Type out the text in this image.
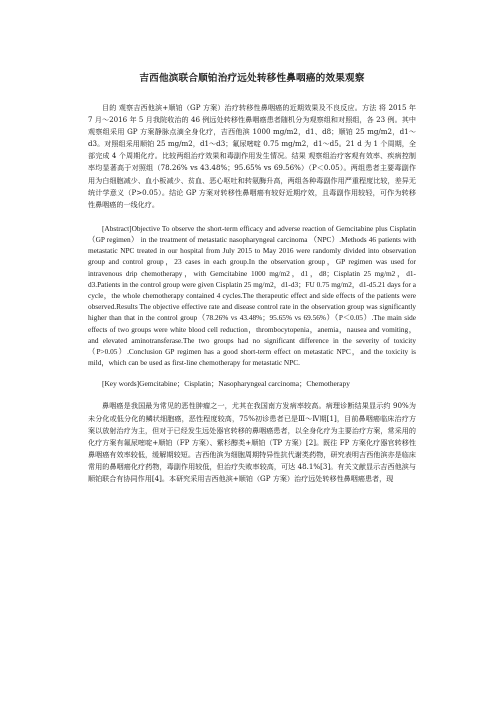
吉西他滨联合顺铂治疗远处转移性鼻咽癌的效果观察

目的 观察吉西他滨+顺铂（GP 方案）治疗转移性鼻咽癌的近期效果及不良反应。方法 将 2015 年 7 月～2016 年 5 月我院收治的 46 例远处转移性鼻咽癌患者随机分为观察组和对照组，各 23 例。其中观察组采用 GP 方案静脉点滴全身化疗，吉西他滨 1000 mg/m2，d1、d8；顺铂 25 mg/m2，d1～d3。对照组采用顺铂 25 mg/m2，d1～d3；氟尿嘧啶 0.75 mg/m2，d1～d5。21 d 为 1 个周期，全部完成 4 个周期化疗。比较两组治疗效果和毒副作用发生情况。结果 观察组治疗客观有效率、疾病控制率均显著高于对照组（78.26% vs 43.48%；95.65% vs 69.56%）（P＜0.05）。两组患者主要毒副作用为白细胞减少、血小板减少、贫血、恶心呕吐和转氨酶升高，两组各种毒副作用严重程度比较，差异无统计学意义（P>0.05）。结论 GP 方案对转移性鼻咽癌有较好近期疗效，且毒副作用较轻，可作为转移性鼻咽癌的一线化疗。

[Abstract]Objective To observe the short-term efficacy and adverse reaction of Gemcitabine plus Cisplatin（GP regimen） in the treatment of metastatic nasopharyngeal carcinoma （NPC）.Methods 46 patients with metastatic NPC treated in our hospital from July 2015 to May 2016 were randomly divided into observation group and control group，23 cases in each group.In the observation group，GP regimen was used for intravenous drip chemotherapy，with Gemcitabine 1000 mg/m2，d1，d8；Cisplatin 25 mg/m2，d1-d3.Patients in the control group were given Cisplatin 25 mg/m2，d1-d3；FU 0.75 mg/m2，d1-d5.21 days for a cycle，the whole chemotherapy contained 4 cycles.The therapeutic effect and side effects of the patients were observed.Results The objective effective rate and disease control rate in the observation group was significantly higher than that in the control group（78.26% vs 43.48%；95.65% vs 69.56%）（P＜0.05）.The main side effects of two groups were white blood cell reduction，thrombocytopenia，anemia，nausea and vomiting，and elevated aminotransferase.The two groups had no significant difference in the severity of toxicity （P>0.05）.Conclusion GP regimen has a good short-term effect on metastatic NPC，and the toxicity is mild，which can be used as first-line chemotherapy for metastatic NPC.

[Key words]Gemcitabine；Cisplatin；Nasopharyngeal carcinoma；Chemotherapy

鼻咽癌是我国最为常见的恶性肿瘤之一，尤其在我国南方发病率较高。病理诊断结果显示约 90%为未分化或低分化的鳞状细胞癌，恶性程度较高，75%初诊患者已是Ⅲ～Ⅳ期[1]，目前鼻咽癌临床治疗方案以放射治疗为主，但对于已经发生远处器官转移的鼻咽癌患者，以全身化疗为主要治疗方案，常采用的化疗方案有氟尿嘧啶+顺铂（FP 方案）、紫杉醇类+顺铂（TP 方案）[2]。既往 FP 方案化疗器官转移性鼻咽癌有效率较低，缓解期较短。吉西他滨为细胞周期特异性抗代谢类药物，研究表明吉西他滨亦是临床常用的鼻咽癌化疗药物，毒副作用较低，但治疗失败率较高，可达 48.1%[3]。有关文献显示吉西他滨与顺铂联合有协同作用[4]。本研究采用吉西他滨+顺铂（GP 方案）治疗远处转移性鼻咽癌患者，现
